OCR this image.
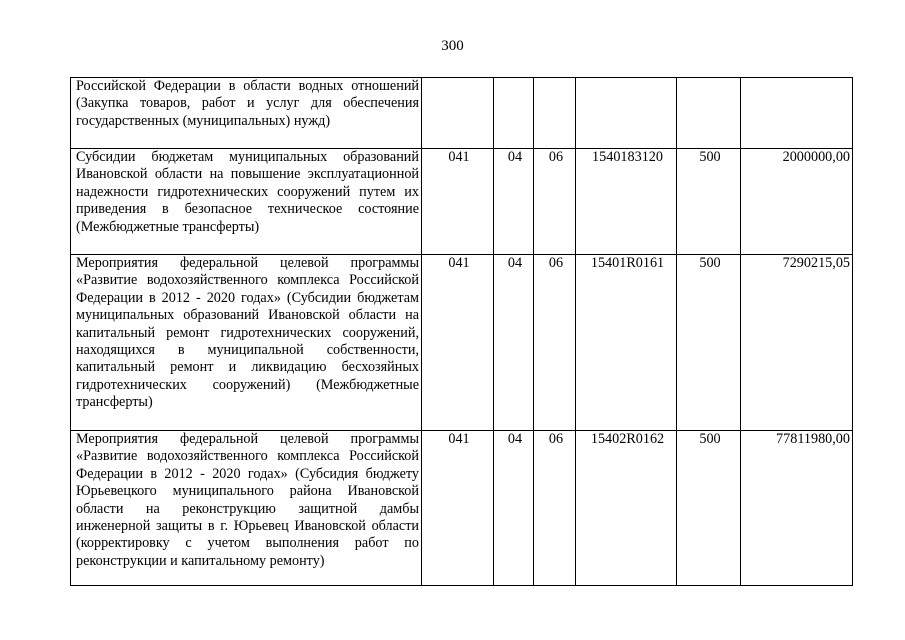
300
Российской Федерации в области водных отношений (Закупка товаров, работ и услуг для обеспечения государственных (муниципальных) нужд)						
Субсидии бюджетам муниципальных образований Ивановской области на повышение эксплуатационной надежности гидротехнических сооружений путем их приведения в безопасное техническое состояние (Межбюджетные трансферты)	041	04	06	1540183120	500	2000000,00
Мероприятия федеральной целевой программы «Развитие водохозяйственного комплекса Российской Федерации в 2012 - 2020 годах» (Субсидии бюджетам муниципальных образований Ивановской области на капитальный ремонт гидротехнических сооружений, находящихся в муниципальной собственности, капитальный ремонт и ликвидацию бесхозяйных гидротехнических сооружений) (Межбюджетные трансферты)	041	04	06	15401R0161	500	7290215,05
Мероприятия федеральной целевой программы «Развитие водохозяйственного комплекса Российской Федерации в 2012 - 2020 годах» (Субсидия бюджету Юрьевецкого муниципального района Ивановской области на реконструкцию защитной дамбы инженерной защиты в г. Юрьевец Ивановской области (корректировку с учетом выполнения работ по реконструкции и капитальному ремонту)	041	04	06	15402R0162	500	77811980,00
